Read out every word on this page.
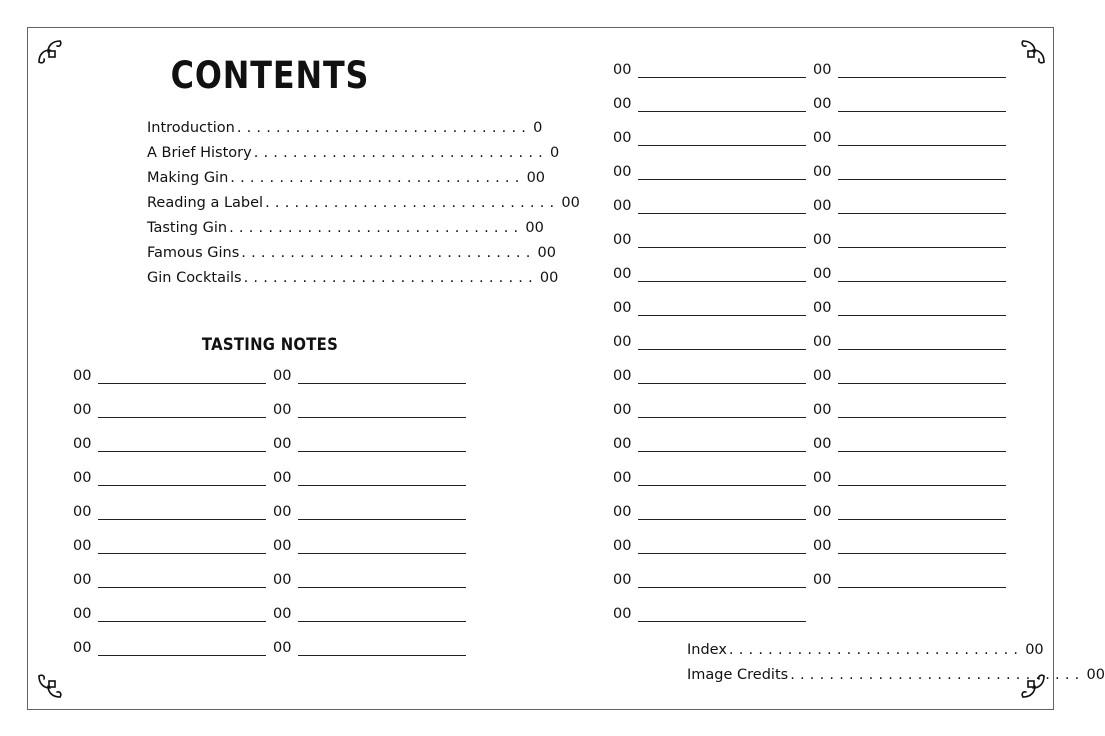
CONTENTS
Introduction .............................. 0
A Brief History .............................. 0
Making Gin .............................. 00
Reading a Label .............................. 00
Tasting Gin .............................. 00
Famous Gins .............................. 00
Gin Cocktails .............................. 00
TASTING NOTES
00	00
00	00
00	00
00	00
00	00
00	00
00	00
00	00
00	00
00	00
00	00
00	00
00	00
00	00
00	00
00	00
00	00
00	00
00	00
00	00
00	00
00	00
00	00
00	00
00	00
00
Index .............................. 00
Image Credits .............................. 00
